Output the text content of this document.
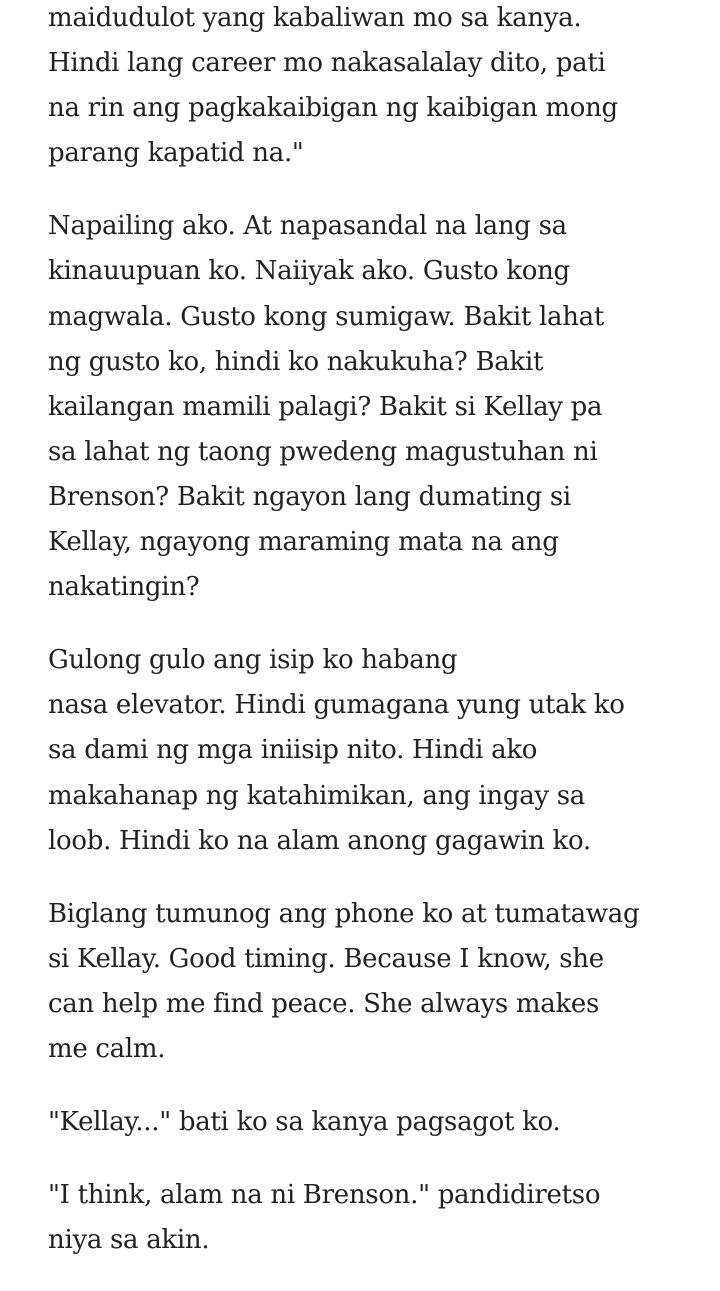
maidudulot yang kabaliwan mo sa kanya.
Hindi lang career mo nakasalalay dito, pati
na rin ang pagkakaibigan ng kaibigan mong
parang kapatid na."

Napailing ako. At napasandal na lang sa
kinauupuan ko. Naiiyak ako. Gusto kong
magwala. Gusto kong sumigaw. Bakit lahat
ng gusto ko, hindi ko nakukuha? Bakit
kailangan mamili palagi? Bakit si Kellay pa
sa lahat ng taong pwedeng magustuhan ni
Brenson? Bakit ngayon lang dumating si
Kellay, ngayong maraming mata na ang
nakatingin?

Gulong gulo ang isip ko habang
nasa elevator. Hindi gumagana yung utak ko
sa dami ng mga iniisip nito. Hindi ako
makahanap ng katahimikan, ang ingay sa
loob. Hindi ko na alam anong gagawin ko.

Biglang tumunog ang phone ko at tumatawag
si Kellay. Good timing. Because I know, she
can help me find peace. She always makes
me calm.

"Kellay..." bati ko sa kanya pagsagot ko.

"I think, alam na ni Brenson." pandidiretso
niya sa akin.
